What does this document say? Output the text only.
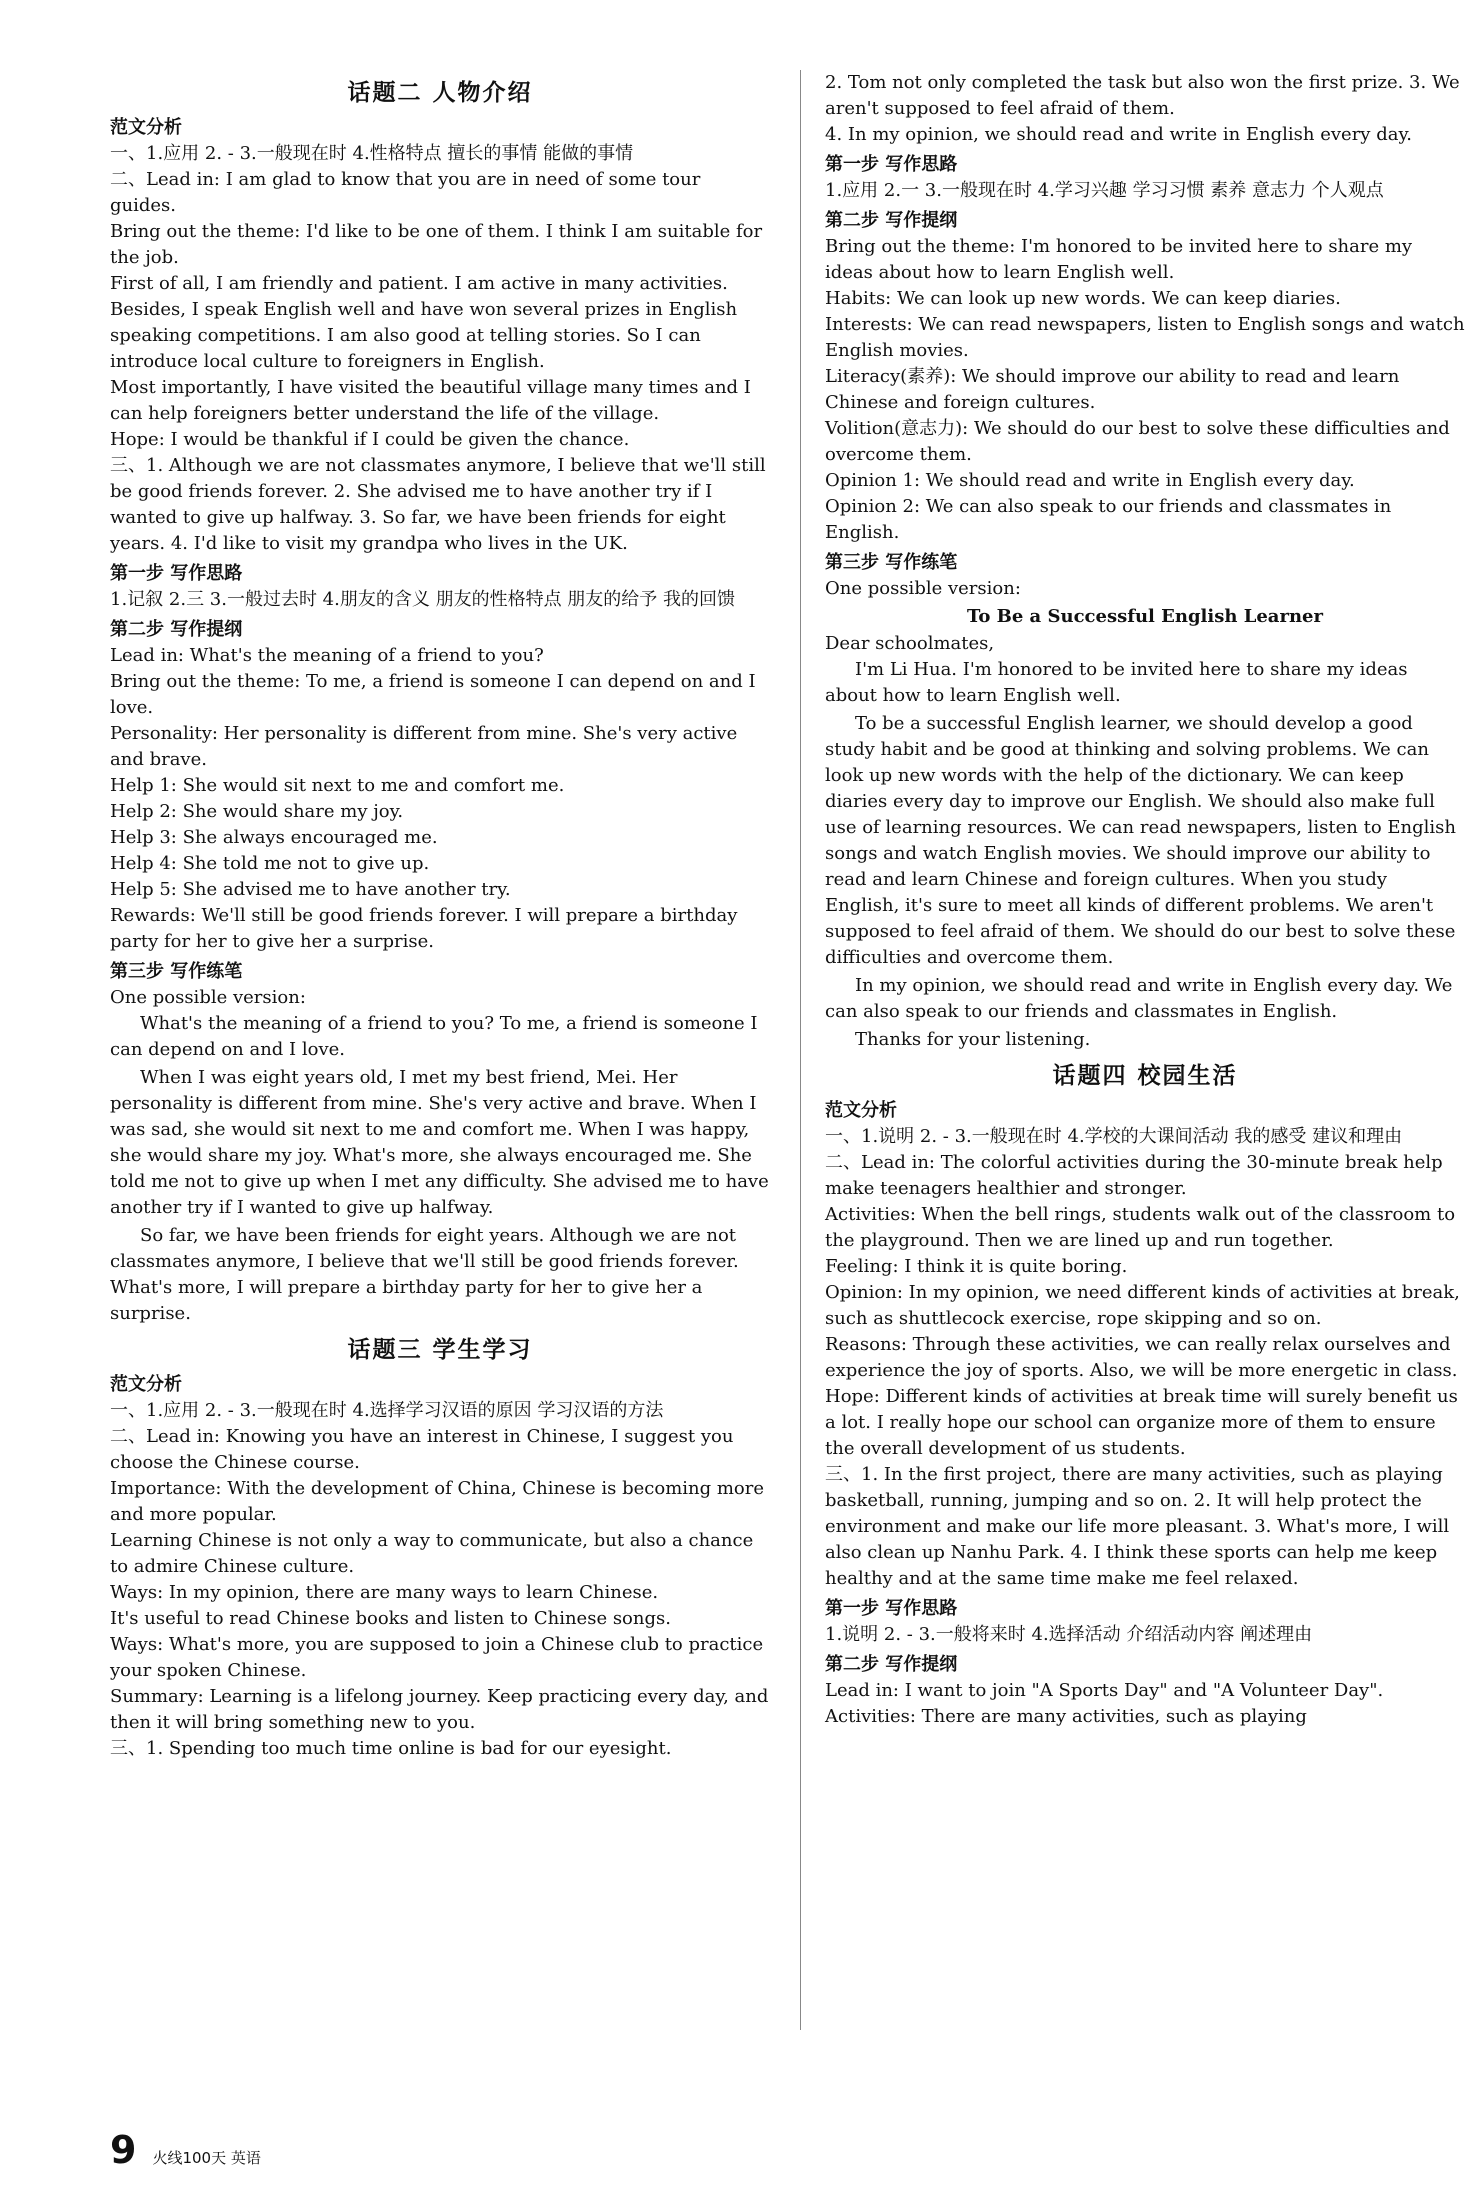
话题二 人物介绍
范文分析

一、1.应用 2. - 3.一般现在时 4.性格特点 擅长的事情 能做的事情

二、Lead in: I am glad to know that you are in need of some tour guides.

Bring out the theme: I'd like to be one of them. I think I am suitable for the job.

First of all, I am friendly and patient. I am active in many activities.

Besides, I speak English well and have won several prizes in English speaking competitions. I am also good at telling stories. So I can introduce local culture to foreigners in English.

Most importantly, I have visited the beautiful village many times and I can help foreigners better understand the life of the village.

Hope: I would be thankful if I could be given the chance.

三、1. Although we are not classmates anymore, I believe that we'll still be good friends forever. 2. She advised me to have another try if I wanted to give up halfway. 3. So far, we have been friends for eight years. 4. I'd like to visit my grandpa who lives in the UK.

第一步 写作思路

1.记叙 2.三 3.一般过去时 4.朋友的含义 朋友的性格特点 朋友的给予 我的回馈

第二步 写作提纲

Lead in: What's the meaning of a friend to you?

Bring out the theme: To me, a friend is someone I can depend on and I love.

Personality: Her personality is different from mine. She's very active and brave.

Help 1: She would sit next to me and comfort me.

Help 2: She would share my joy.

Help 3: She always encouraged me.

Help 4: She told me not to give up.

Help 5: She advised me to have another try.

Rewards: We'll still be good friends forever. I will prepare a birthday party for her to give her a surprise.

第三步 写作练笔

One possible version:

What's the meaning of a friend to you? To me, a friend is someone I can depend on and I love.

When I was eight years old, I met my best friend, Mei. Her personality is different from mine. She's very active and brave. When I was sad, she would sit next to me and comfort me. When I was happy, she would share my joy. What's more, she always encouraged me. She told me not to give up when I met any difficulty. She advised me to have another try if I wanted to give up halfway.

So far, we have been friends for eight years. Although we are not classmates anymore, I believe that we'll still be good friends forever. What's more, I will prepare a birthday party for her to give her a surprise.

话题三 学生学习
范文分析

一、1.应用 2. - 3.一般现在时 4.选择学习汉语的原因 学习汉语的方法

二、Lead in: Knowing you have an interest in Chinese, I suggest you choose the Chinese course.

Importance: With the development of China, Chinese is becoming more and more popular.

Learning Chinese is not only a way to communicate, but also a chance to admire Chinese culture.

Ways: In my opinion, there are many ways to learn Chinese.

It's useful to read Chinese books and listen to Chinese songs.

Ways: What's more, you are supposed to join a Chinese club to practice your spoken Chinese.

Summary: Learning is a lifelong journey. Keep practicing every day, and then it will bring something new to you.

三、1. Spending too much time online is bad for our eyesight.

2. Tom not only completed the task but also won the first prize. 3. We aren't supposed to feel afraid of them.

4. In my opinion, we should read and write in English every day.

第一步 写作思路

1.应用 2.一 3.一般现在时 4.学习兴趣 学习习惯 素养 意志力 个人观点

第二步 写作提纲

Bring out the theme: I'm honored to be invited here to share my ideas about how to learn English well.

Habits: We can look up new words. We can keep diaries.

Interests: We can read newspapers, listen to English songs and watch English movies.

Literacy(素养): We should improve our ability to read and learn Chinese and foreign cultures.

Volition(意志力): We should do our best to solve these difficulties and overcome them.

Opinion 1: We should read and write in English every day.

Opinion 2: We can also speak to our friends and classmates in English.

第三步 写作练笔

One possible version:

To Be a Successful English Learner

Dear schoolmates,

I'm Li Hua. I'm honored to be invited here to share my ideas about how to learn English well.

To be a successful English learner, we should develop a good study habit and be good at thinking and solving problems. We can look up new words with the help of the dictionary. We can keep diaries every day to improve our English. We should also make full use of learning resources. We can read newspapers, listen to English songs and watch English movies. We should improve our ability to read and learn Chinese and foreign cultures. When you study English, it's sure to meet all kinds of different problems. We aren't supposed to feel afraid of them. We should do our best to solve these difficulties and overcome them.

In my opinion, we should read and write in English every day. We can also speak to our friends and classmates in English.

Thanks for your listening.

话题四 校园生活
范文分析

一、1.说明 2. - 3.一般现在时 4.学校的大课间活动 我的感受 建议和理由

二、Lead in: The colorful activities during the 30-minute break help make teenagers healthier and stronger.

Activities: When the bell rings, students walk out of the classroom to the playground. Then we are lined up and run together.

Feeling: I think it is quite boring.

Opinion: In my opinion, we need different kinds of activities at break, such as shuttlecock exercise, rope skipping and so on.

Reasons: Through these activities, we can really relax ourselves and experience the joy of sports. Also, we will be more energetic in class.

Hope: Different kinds of activities at break time will surely benefit us a lot. I really hope our school can organize more of them to ensure the overall development of us students.

三、1. In the first project, there are many activities, such as playing basketball, running, jumping and so on. 2. It will help protect the environment and make our life more pleasant. 3. What's more, I will also clean up Nanhu Park. 4. I think these sports can help me keep healthy and at the same time make me feel relaxed.

第一步 写作思路

1.说明 2. - 3.一般将来时 4.选择活动 介绍活动内容 阐述理由

第二步 写作提纲

Lead in: I want to join "A Sports Day" and "A Volunteer Day".

Activities: There are many activities, such as playing

9 火线100天 英语
